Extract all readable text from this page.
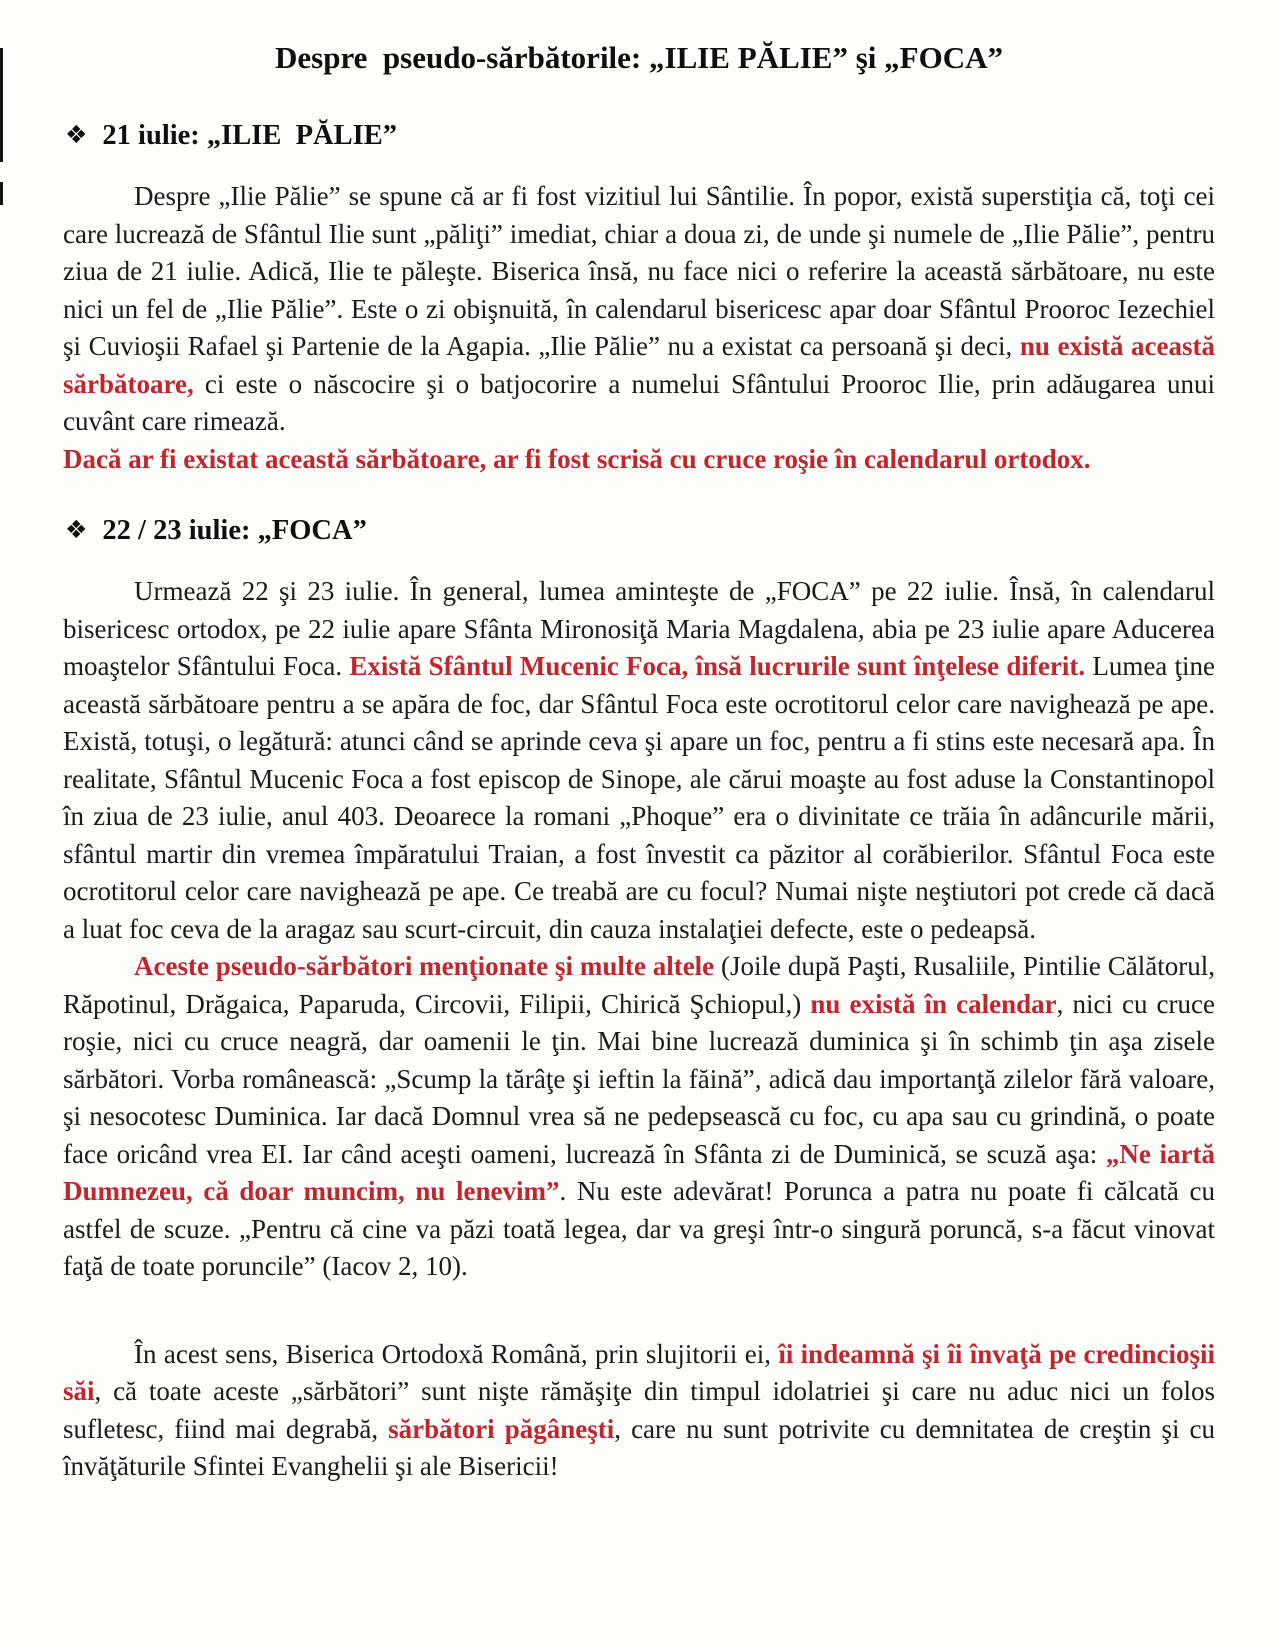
Despre  pseudo-sărbătorile: „ILIE PĂLIE” şi „FOCA”
❖ 21 iulie: „ILIE  PĂLIE”

Despre „Ilie Pălie” se spune că ar fi fost vizitiul lui Sântilie. În popor, există superstiţia că, toţi cei care lucrează de Sfântul Ilie sunt „păliţi” imediat, chiar a doua zi, de unde şi numele de „Ilie Pălie”, pentru ziua de 21 iulie. Adică, Ilie te păleşte. Biserica însă, nu face nici o referire la această sărbătoare, nu este nici un fel de „Ilie Pălie”. Este o zi obişnuită, în calendarul bisericesc apar doar Sfântul Prooroc Iezechiel şi Cuvioşii Rafael şi Partenie de la Agapia. „Ilie Pălie” nu a existat ca persoană şi deci, nu există această sărbătoare, ci este o născocire şi o batjocorire a numelui Sfântului Prooroc Ilie, prin adăugarea unui cuvânt care rimează.

Dacă ar fi existat această sărbătoare, ar fi fost scrisă cu cruce roşie în calendarul ortodox.

❖ 22 / 23 iulie: „FOCA”

Urmează 22 şi 23 iulie. În general, lumea aminteşte de „FOCA” pe 22 iulie. Însă, în calendarul bisericesc ortodox, pe 22 iulie apare Sfânta Mironosiţă Maria Magdalena, abia pe 23 iulie apare Aducerea moaştelor Sfântului Foca. Există Sfântul Mucenic Foca, însă lucrurile sunt înţelese diferit. Lumea ţine această sărbătoare pentru a se apăra de foc, dar Sfântul Foca este ocrotitorul celor care navighează pe ape. Există, totuşi, o legătură: atunci când se aprinde ceva şi apare un foc, pentru a fi stins este necesară apa. În realitate, Sfântul Mucenic Foca a fost episcop de Sinope, ale cărui moaşte au fost aduse la Constantinopol în ziua de 23 iulie, anul 403. Deoarece la romani „Phoque” era o divinitate ce trăia în adâncurile mării, sfântul martir din vremea împăratului Traian, a fost învestit ca păzitor al corăbierilor. Sfântul Foca este ocrotitorul celor care navighează pe ape. Ce treabă are cu focul? Numai nişte neştiutori pot crede că dacă a luat foc ceva de la aragaz sau scurt-circuit, din cauza instalaţiei defecte, este o pedeapsă.

Aceste pseudo-sărbători menţionate şi multe altele (Joile după Paşti, Rusaliile, Pintilie Călătorul, Răpotinul, Drăgaica, Paparuda, Circovii, Filipii, Chirică Şchiopul,) nu există în calendar, nici cu cruce roşie, nici cu cruce neagră, dar oamenii le ţin. Mai bine lucrează duminica şi în schimb ţin aşa zisele sărbători. Vorba românească: „Scump la tărâţe şi ieftin la făină”, adică dau importanţă zilelor fără valoare, şi nesocotesc Duminica. Iar dacă Domnul vrea să ne pedepsească cu foc, cu apa sau cu grindină, o poate face oricând vrea EI. Iar când aceşti oameni, lucrează în Sfânta zi de Duminică, se scuză aşa: „Ne iartă Dumnezeu, că doar muncim, nu lenevim”. Nu este adevărat! Porunca a patra nu poate fi călcată cu astfel de scuze. „Pentru că cine va păzi toată legea, dar va greşi într-o singură poruncă, s-a făcut vinovat faţă de toate poruncile” (Iacov 2, 10).

În acest sens, Biserica Ortodoxă Română, prin slujitorii ei, îi indeamnă şi îi învaţă pe credincioşii săi, că toate aceste „sărbători” sunt nişte rămăşiţe din timpul idolatriei şi care nu aduc nici un folos sufletesc, fiind mai degrabă, sărbători păgâneşti, care nu sunt potrivite cu demnitatea de creştin şi cu învăţăturile Sfintei Evanghelii şi ale Bisericii!
